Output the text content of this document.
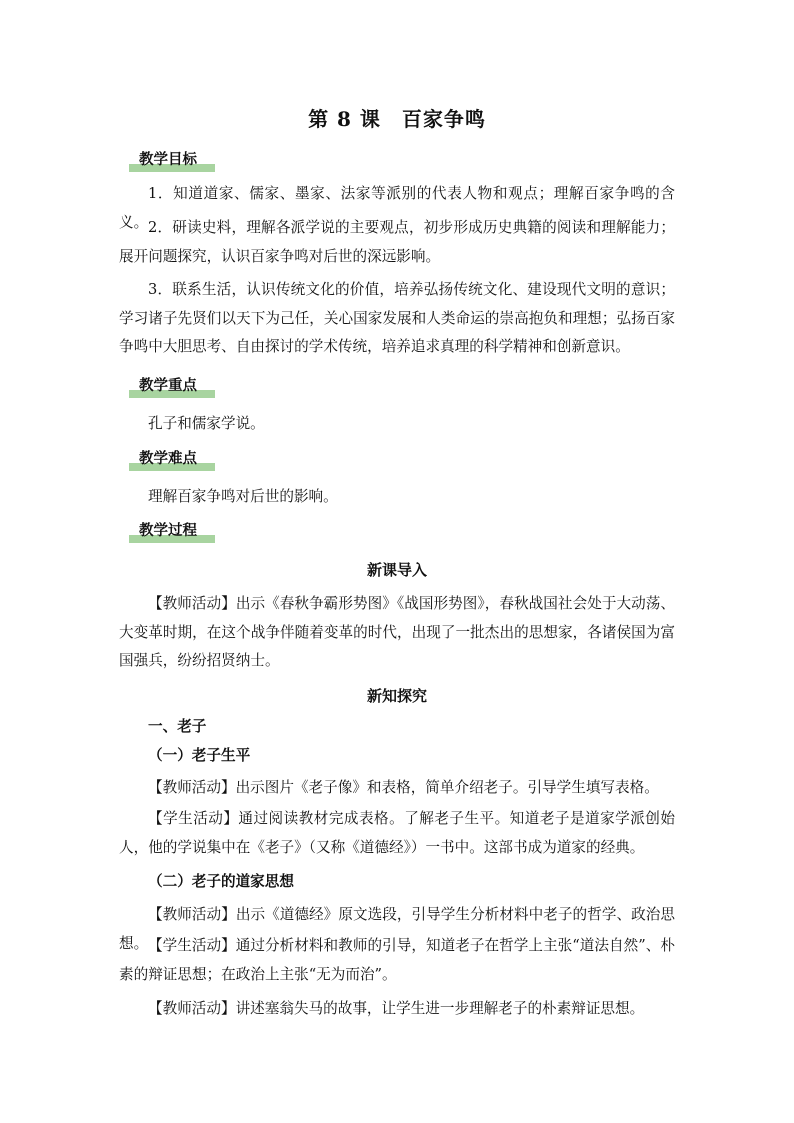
第 8 课　百家争鸣
教学目标

1．知道道家、儒家、墨家、法家等派别的代表人物和观点；理解百家争鸣的含义。 2．研读史料，理解各派学说的主要观点，初步形成历史典籍的阅读和理解能力；展开问题探究，认识百家争鸣对后世的深远影响。

3．联系生活，认识传统文化的价值，培养弘扬传统文化、建设现代文明的意识；学习诸子先贤们以天下为己任，关心国家发展和人类命运的崇高抱负和理想；弘扬百家争鸣中大胆思考、自由探讨的学术传统，培养追求真理的科学精神和创新意识。

教学重点

孔子和儒家学说。

教学难点

理解百家争鸣对后世的影响。

教学过程
新课导入

【教师活动】出示《春秋争霸形势图》《战国形势图》，春秋战国社会处于大动荡、大变革时期，在这个战争伴随着变革的时代，出现了一批杰出的思想家，各诸侯国为富国强兵，纷纷招贤纳士。

新知探究

一、老子

（一）老子生平

【教师活动】出示图片《老子像》和表格，简单介绍老子。引导学生填写表格。

【学生活动】通过阅读教材完成表格。了解老子生平。知道老子是道家学派创始人，他的学说集中在《老子》（又称《道德经》）一书中。这部书成为道家的经典。

（二）老子的道家思想

【教师活动】出示《道德经》原文选段，引导学生分析材料中老子的哲学、政治思想。 【学生活动】通过分析材料和教师的引导，知道老子在哲学上主张“道法自然”、朴素的辩证思想；在政治上主张“无为而治”。

【教师活动】讲述塞翁失马的故事，让学生进一步理解老子的朴素辩证思想。
